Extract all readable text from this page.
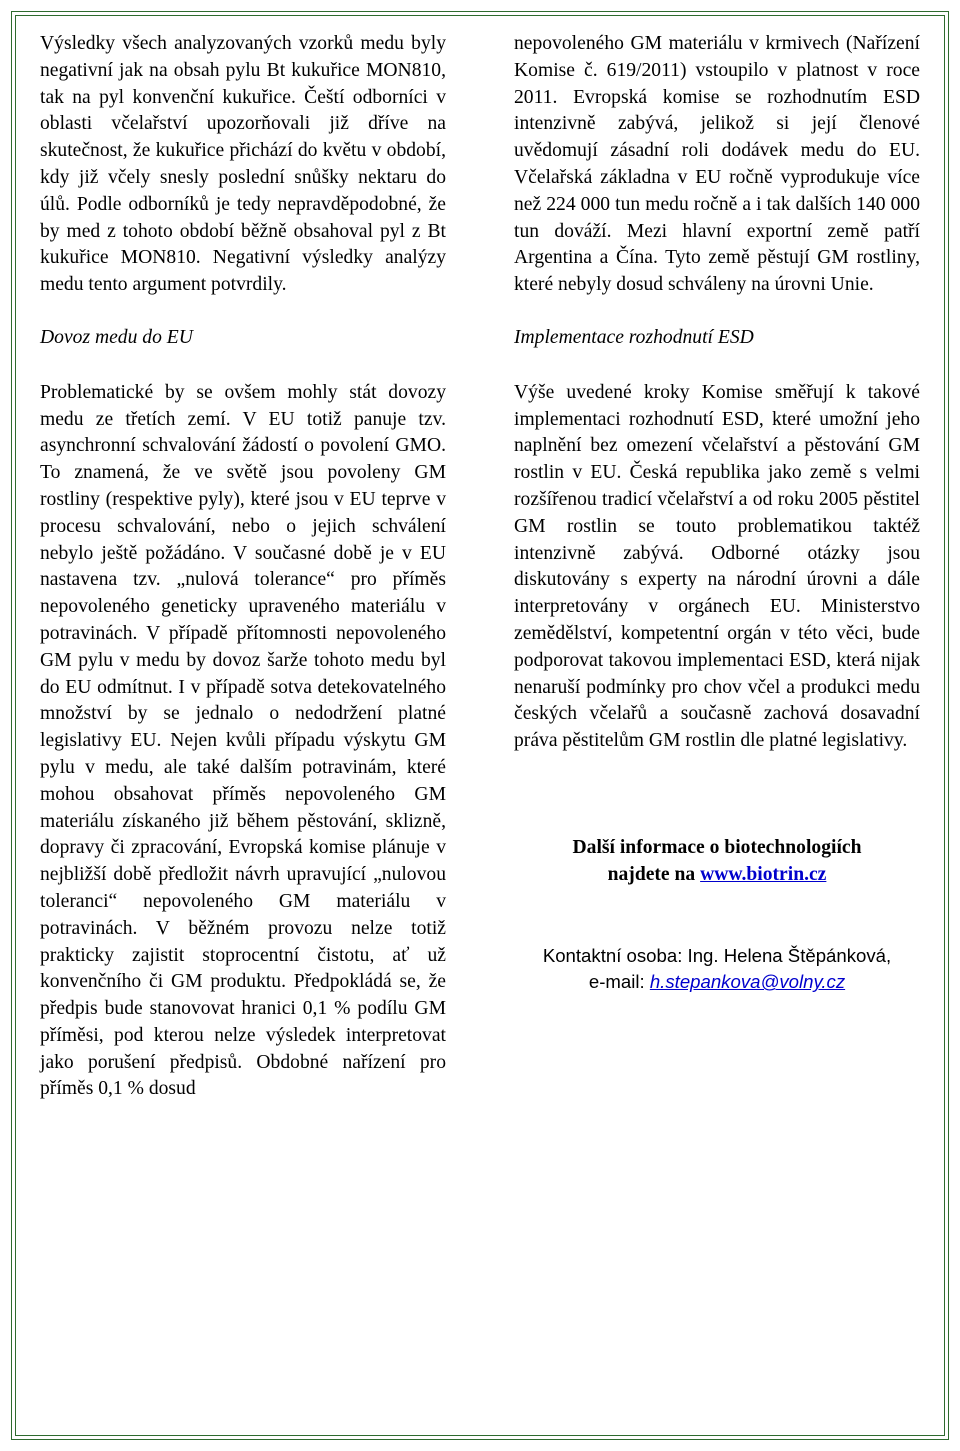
Výsledky všech analyzovaných vzorků medu byly negativní jak na obsah pylu Bt kukuřice MON810, tak na pyl konvenční kukuřice. Čeští odborníci v oblasti včelařství upozorňovali již dříve na skutečnost, že kukuřice přichází do květu v období, kdy již včely snesly poslední snůšky nektaru do úlů. Podle odborníků je tedy nepravděpodobné, že by med z tohoto období běžně obsahoval pyl z Bt kukuřice MON810. Negativní výsledky analýzy medu tento argument potvrdily.

Dovoz medu do EU

Problematické by se ovšem mohly stát dovozy medu ze třetích zemí. V EU totiž panuje tzv. asynchronní schvalování žádostí o povolení GMO. To znamená, že ve světě jsou povoleny GM rostliny (respektive pyly), které jsou v EU teprve v procesu schvalování, nebo o jejich schválení nebylo ještě požádáno. V současné době je v EU nastavena tzv. „nulová tolerance“ pro příměs nepovoleného geneticky upraveného materiálu v potravinách. V případě přítomnosti nepovoleného GM pylu v medu by dovoz šarže tohoto medu byl do EU odmítnut. I v případě sotva detekovatelného množství by se jednalo o nedodržení platné legislativy EU. Nejen kvůli případu výskytu GM pylu v medu, ale také dalším potravinám, které mohou obsahovat příměs nepovoleného GM materiálu získaného již během pěstování, sklizně, dopravy či zpracování, Evropská komise plánuje v nejbližší době předložit návrh upravující „nulovou toleranci“ nepovoleného GM materiálu v potravinách. V běžném provozu nelze totiž prakticky zajistit stoprocentní čistotu, ať už konvenčního či GM produktu. Předpokládá se, že předpis bude stanovovat hranici 0,1 % podílu GM příměsi, pod kterou nelze výsledek interpretovat jako porušení předpisů. Obdobné nařízení pro příměs 0,1 % dosud

nepovoleného GM materiálu v krmivech (Nařízení Komise č. 619/2011) vstoupilo v platnost v roce 2011. Evropská komise se rozhodnutím ESD intenzivně zabývá, jelikož si její členové uvědomují zásadní roli dodávek medu do EU. Včelařská základna v EU ročně vyprodukuje více než 224 000 tun medu ročně a i tak dalších 140 000 tun dováží. Mezi hlavní exportní země patří Argentina a Čína. Tyto země pěstují GM rostliny, které nebyly dosud schváleny na úrovni Unie.

Implementace rozhodnutí ESD

Výše uvedené kroky Komise směřují k takové implementaci rozhodnutí ESD, které umožní jeho naplnění bez omezení včelařství a pěstování GM rostlin v EU. Česká republika jako země s velmi rozšířenou tradicí včelařství a od roku 2005 pěstitel GM rostlin se touto problematikou taktéž intenzivně zabývá. Odborné otázky jsou diskutovány s experty na národní úrovni a dále interpretovány v orgánech EU. Ministerstvo zemědělství, kompetentní orgán v této věci, bude podporovat takovou implementaci ESD, která nijak nenaruší podmínky pro chov včel a produkci medu českých včelařů a současně zachová dosavadní práva pěstitelům GM rostlin dle platné legislativy.

Další informace o biotechnologiích
najdete na www.biotrin.cz

Kontaktní osoba: Ing. Helena Štěpánková,
e-mail: h.stepankova@volny.cz
